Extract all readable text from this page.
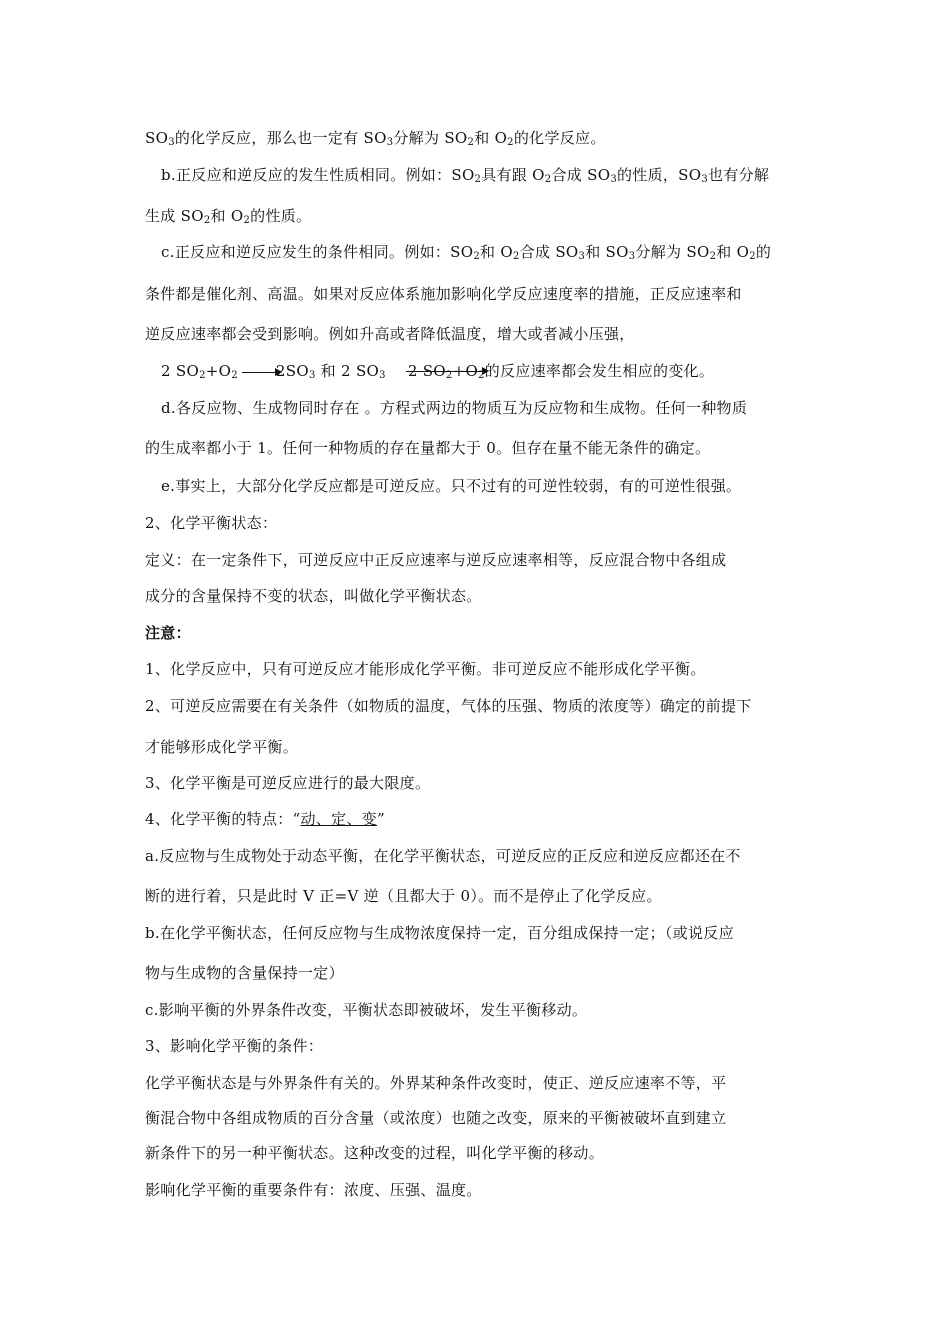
$SO_3$的化学反应，那么也一定有 $SO_3$分解为 $SO_2$和 $O_2$的化学反应。
b.正反应和逆反应的发生性质相同。例如：$SO_2$具有跟 $O_2$合成 $SO_3$的性质，$SO_3$也有分解
生成 $SO_2$和 $O_2$的性质。
c.正反应和逆反应发生的条件相同。例如：$SO_2$和 $O_2$合成 $SO_3$和 $SO_3$分解为 $SO_2$和 $O_2$的
条件都是催化剂、高温。如果对反应体系施加影响化学反应速度率的措施，正反应速率和
逆反应速率都会受到影响。例如升高或者降低温度，增大或者减小压强，
2 $SO_2+O_2$	$2SO_3$ 和 2 $SO_3$ 2 $SO_2+O_2$
的反应速率都会发生相应的变化。
d.各反应物、生成物同时存在 。方程式两边的物质互为反应物和生成物。任何一种物质
的生成率都小于 1。任何一种物质的存在量都大于 0。但存在量不能无条件的确定。
e.事实上，大部分化学反应都是可逆反应。只不过有的可逆性较弱，有的可逆性很强。
2、化学平衡状态：
定义：在一定条件下，可逆反应中正反应速率与逆反应速率相等，反应混合物中各组成
成分的含量保持不变的状态，叫做化学平衡状态。
注意：
1、化学反应中，只有可逆反应才能形成化学平衡。非可逆反应不能形成化学平衡。
2、可逆反应需要在有关条件（如物质的温度，气体的压强、物质的浓度等）确定的前提下
才能够形成化学平衡。
3、化学平衡是可逆反应进行的最大限度。
4、化学平衡的特点：“动、定、变”
a.反应物与生成物处于动态平衡，在化学平衡状态，可逆反应的正反应和逆反应都还在不
断的进行着，只是此时 V 正=V 逆（且都大于 0）。而不是停止了化学反应。
b.在化学平衡状态，任何反应物与生成物浓度保持一定，百分组成保持一定；（或说反应
物与生成物的含量保持一定）
c.影响平衡的外界条件改变，平衡状态即被破坏，发生平衡移动。
3、影响化学平衡的条件：
化学平衡状态是与外界条件有关的。外界某种条件改变时，使正、逆反应速率不等，平
衡混合物中各组成物质的百分含量（或浓度）也随之改变，原来的平衡被破坏直到建立
新条件下的另一种平衡状态。这种改变的过程，叫化学平衡的移动。
影响化学平衡的重要条件有：浓度、压强、温度。
